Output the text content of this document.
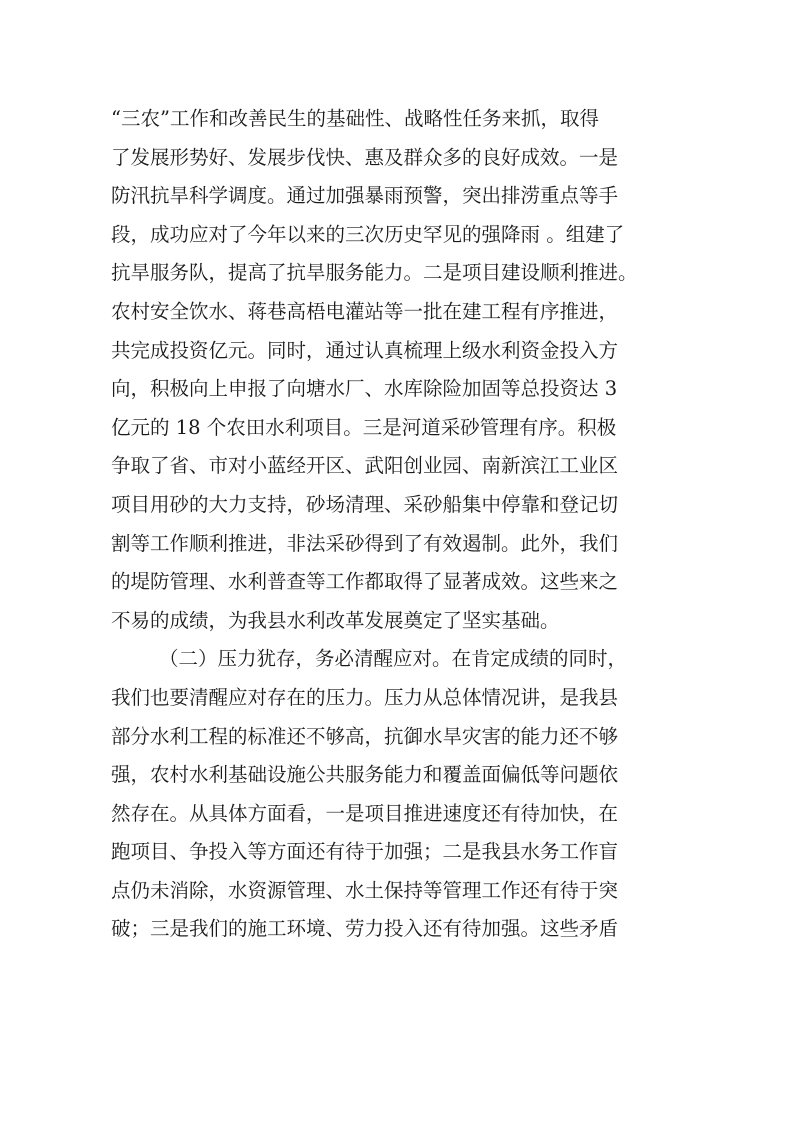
“三农”工作和改善民生的基础性、战略性任务来抓，取得
了发展形势好、发展步伐快、惠及群众多的良好成效。一是
防汛抗旱科学调度。通过加强暴雨预警，突出排涝重点等手
段，成功应对了今年以来的三次历史罕见的强降雨 。组建了
抗旱服务队，提高了抗旱服务能力。二是项目建设顺利推进。
农村安全饮水、蒋巷高梧电灌站等一批在建工程有序推进，
共完成投资亿元。同时，通过认真梳理上级水利资金投入方
向，积极向上申报了向塘水厂、水库除险加固等总投资达 3
亿元的 18 个农田水利项目。三是河道采砂管理有序。积极
争取了省、市对小蓝经开区、武阳创业园、南新滨江工业区
项目用砂的大力支持，砂场清理、采砂船集中停靠和登记切
割等工作顺利推进，非法采砂得到了有效遏制。此外，我们
的堤防管理、水利普查等工作都取得了显著成效。这些来之
不易的成绩，为我县水利改革发展奠定了坚实基础。
（二）压力犹存，务必清醒应对。在肯定成绩的同时，
我们也要清醒应对存在的压力。压力从总体情况讲，是我县
部分水利工程的标准还不够高，抗御水旱灾害的能力还不够
强，农村水利基础设施公共服务能力和覆盖面偏低等问题依
然存在。从具体方面看，一是项目推进速度还有待加快，在
跑项目、争投入等方面还有待于加强；二是我县水务工作盲
点仍未消除，水资源管理、水土保持等管理工作还有待于突
破；三是我们的施工环境、劳力投入还有待加强。这些矛盾
